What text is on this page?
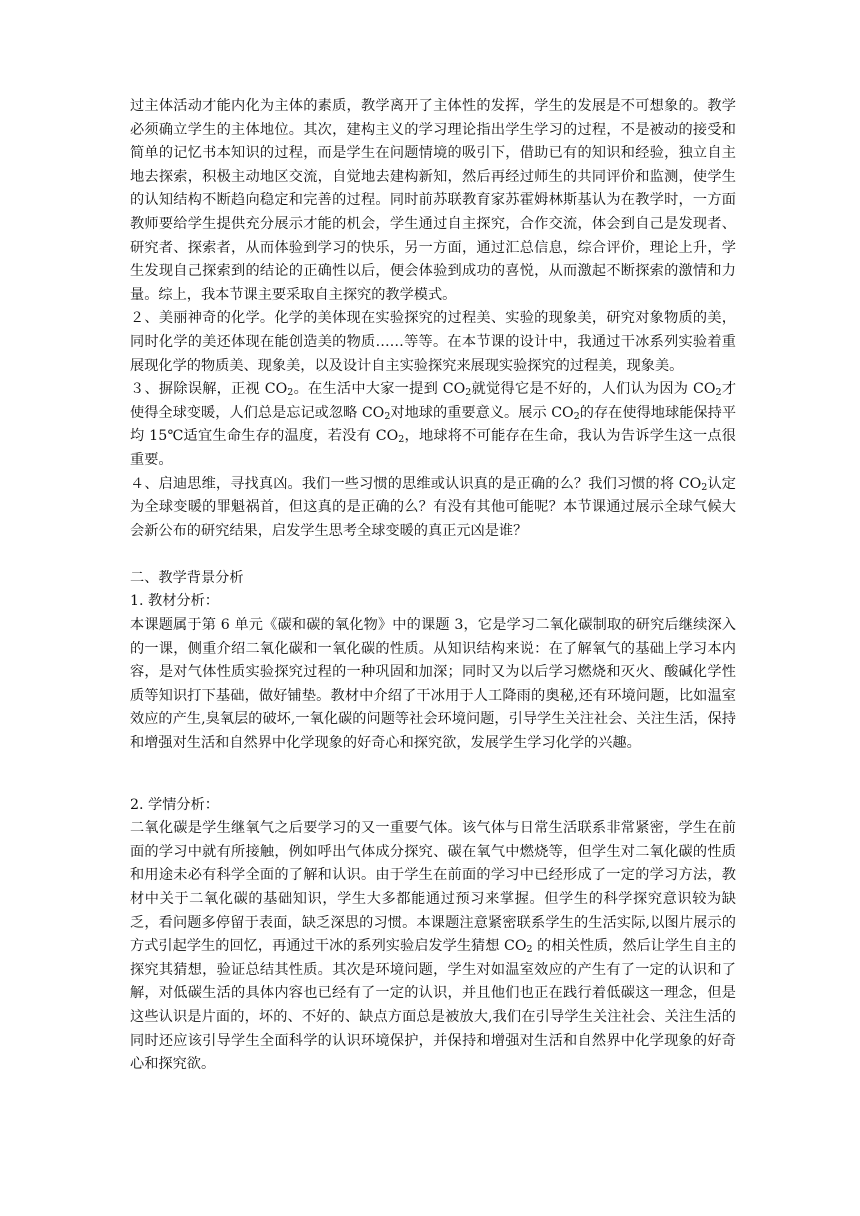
过主体活动才能内化为主体的素质，教学离开了主体性的发挥，学生的发展是不可想象的。教学必须确立学生的主体地位。其次，建构主义的学习理论指出学生学习的过程，不是被动的接受和简单的记忆书本知识的过程，而是学生在问题情境的吸引下，借助已有的知识和经验，独立自主地去探索，积极主动地区交流，自觉地去建构新知，然后再经过师生的共同评价和监测，使学生的认知结构不断趋向稳定和完善的过程。同时前苏联教育家苏霍姆林斯基认为在教学时，一方面教师要给学生提供充分展示才能的机会，学生通过自主探究，合作交流，体会到自己是发现者、研究者、探索者，从而体验到学习的快乐，另一方面，通过汇总信息，综合评价，理论上升，学生发现自己探索到的结论的正确性以后，便会体验到成功的喜悦，从而激起不断探索的激情和力量。综上，我本节课主要采取自主探究的教学模式。

２、美丽神奇的化学。化学的美体现在实验探究的过程美、实验的现象美，研究对象物质的美，同时化学的美还体现在能创造美的物质……等等。在本节课的设计中，我通过干冰系列实验着重展现化学的物质美、现象美，以及设计自主实验探究来展现实验探究的过程美，现象美。

３、摒除误解，正视 $CO_2$。在生活中大家一提到 $CO_2$就觉得它是不好的，人们认为因为 $CO_2$才使得全球变暖，人们总是忘记或忽略 $CO_2$对地球的重要意义。展示 $CO_2$的存在使得地球能保持平均 15℃适宜生命生存的温度，若没有 $CO_2$，地球将不可能存在生命，我认为告诉学生这一点很重要。

４、启迪思维，寻找真凶。我们一些习惯的思维或认识真的是正确的么？我们习惯的将 $CO_2$认定为全球变暖的罪魁祸首，但这真的是正确的么？有没有其他可能呢？本节课通过展示全球气候大会新公布的研究结果，启发学生思考全球变暖的真正元凶是谁？

二、教学背景分析

1. 教材分析：

本课题属于第 6 单元《碳和碳的氧化物》中的课题 3，它是学习二氧化碳制取的研究后继续深入的一课，侧重介绍二氧化碳和一氧化碳的性质。从知识结构来说：在了解氧气的基础上学习本内容，是对气体性质实验探究过程的一种巩固和加深；同时又为以后学习燃烧和灭火、酸碱化学性质等知识打下基础，做好铺垫。教材中介绍了干冰用于人工降雨的奥秘,还有环境问题，比如温室效应的产生,臭氧层的破坏,一氧化碳的问题等社会环境问题，引导学生关注社会、关注生活，保持和增强对生活和自然界中化学现象的好奇心和探究欲，发展学生学习化学的兴趣。

2. 学情分析：

二氧化碳是学生继氧气之后要学习的又一重要气体。该气体与日常生活联系非常紧密，学生在前面的学习中就有所接触，例如呼出气体成分探究、碳在氧气中燃烧等，但学生对二氧化碳的性质和用途未必有科学全面的了解和认识。由于学生在前面的学习中已经形成了一定的学习方法，教材中关于二氧化碳的基础知识，学生大多都能通过预习来掌握。但学生的科学探究意识较为缺乏，看问题多停留于表面，缺乏深思的习惯。本课题注意紧密联系学生的生活实际,以图片展示的方式引起学生的回忆，再通过干冰的系列实验启发学生猜想 $CO_2$ 的相关性质，然后让学生自主的探究其猜想，验证总结其性质。其次是环境问题，学生对如温室效应的产生有了一定的认识和了解，对低碳生活的具体内容也已经有了一定的认识，并且他们也正在践行着低碳这一理念，但是这些认识是片面的，坏的、不好的、缺点方面总是被放大,我们在引导学生关注社会、关注生活的同时还应该引导学生全面科学的认识环境保护，并保持和增强对生活和自然界中化学现象的好奇心和探究欲。
